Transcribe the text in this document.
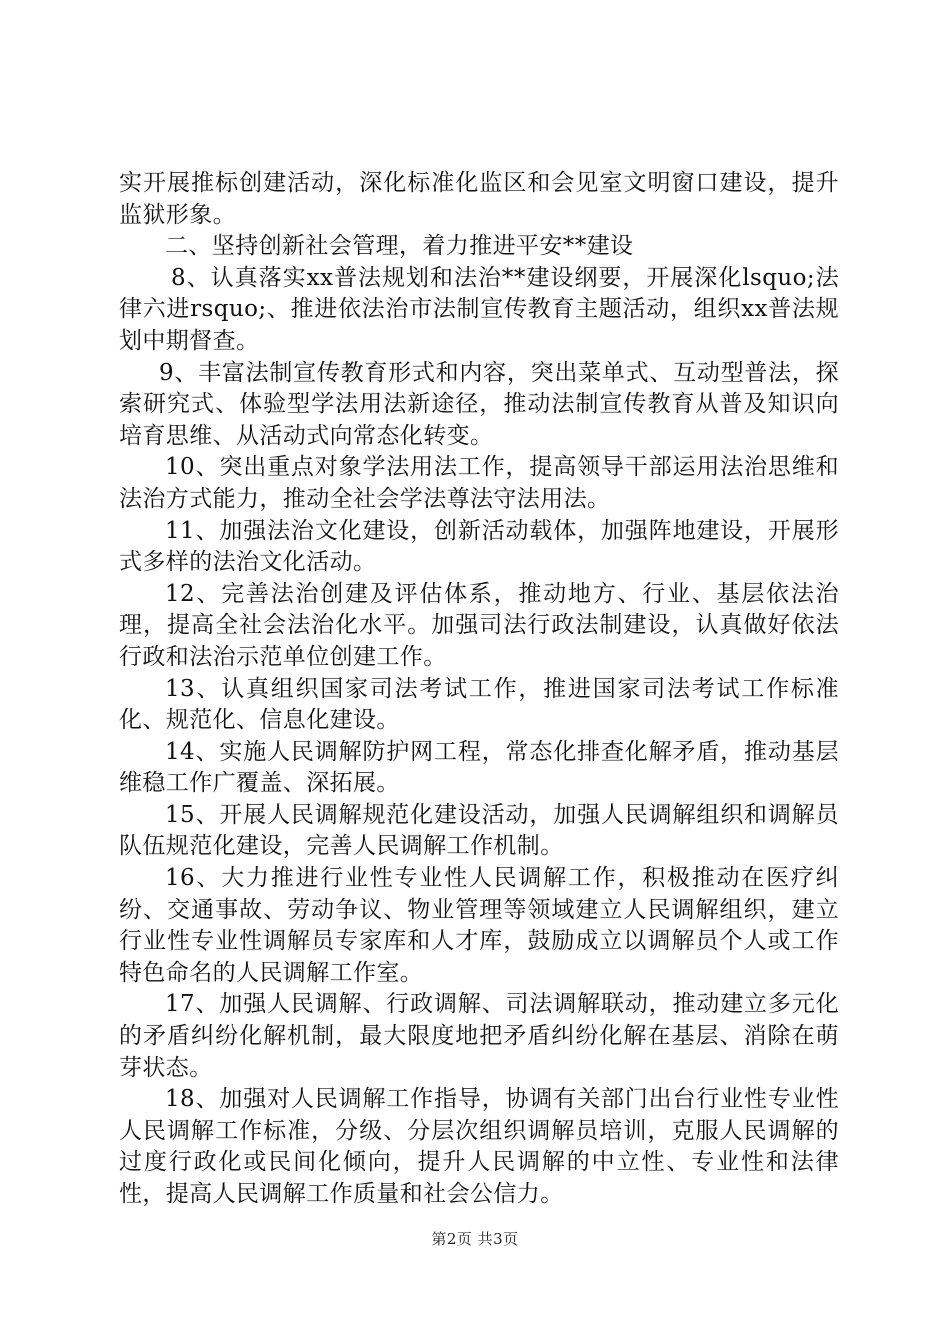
实开展推标创建活动，深化标准化监区和会见室文明窗口建设，提升监狱形象。

二、坚持创新社会管理，着力推进平安**建设

8、认真落实xx普法规划和法治**建设纲要，开展深化lsquo;法律六进rsquo;、推进依法治市法制宣传教育主题活动，组织xx普法规划中期督查。

9、丰富法制宣传教育形式和内容，突出菜单式、互动型普法，探索研究式、体验型学法用法新途径，推动法制宣传教育从普及知识向培育思维、从活动式向常态化转变。

10、突出重点对象学法用法工作，提高领导干部运用法治思维和法治方式能力，推动全社会学法尊法守法用法。

11、加强法治文化建设，创新活动载体，加强阵地建设，开展形式多样的法治文化活动。

12、完善法治创建及评估体系，推动地方、行业、基层依法治理，提高全社会法治化水平。加强司法行政法制建设，认真做好依法行政和法治示范单位创建工作。

13、认真组织国家司法考试工作，推进国家司法考试工作标准化、规范化、信息化建设。

14、实施人民调解防护网工程，常态化排查化解矛盾，推动基层维稳工作广覆盖、深拓展。

15、开展人民调解规范化建设活动，加强人民调解组织和调解员队伍规范化建设，完善人民调解工作机制。

16、大力推进行业性专业性人民调解工作，积极推动在医疗纠纷、交通事故、劳动争议、物业管理等领域建立人民调解组织，建立行业性专业性调解员专家库和人才库，鼓励成立以调解员个人或工作特色命名的人民调解工作室。

17、加强人民调解、行政调解、司法调解联动，推动建立多元化的矛盾纠纷化解机制，最大限度地把矛盾纠纷化解在基层、消除在萌芽状态。

18、加强对人民调解工作指导，协调有关部门出台行业性专业性人民调解工作标准，分级、分层次组织调解员培训，克服人民调解的过度行政化或民间化倾向，提升人民调解的中立性、专业性和法律性，提高人民调解工作质量和社会公信力。

第2页 共3页
